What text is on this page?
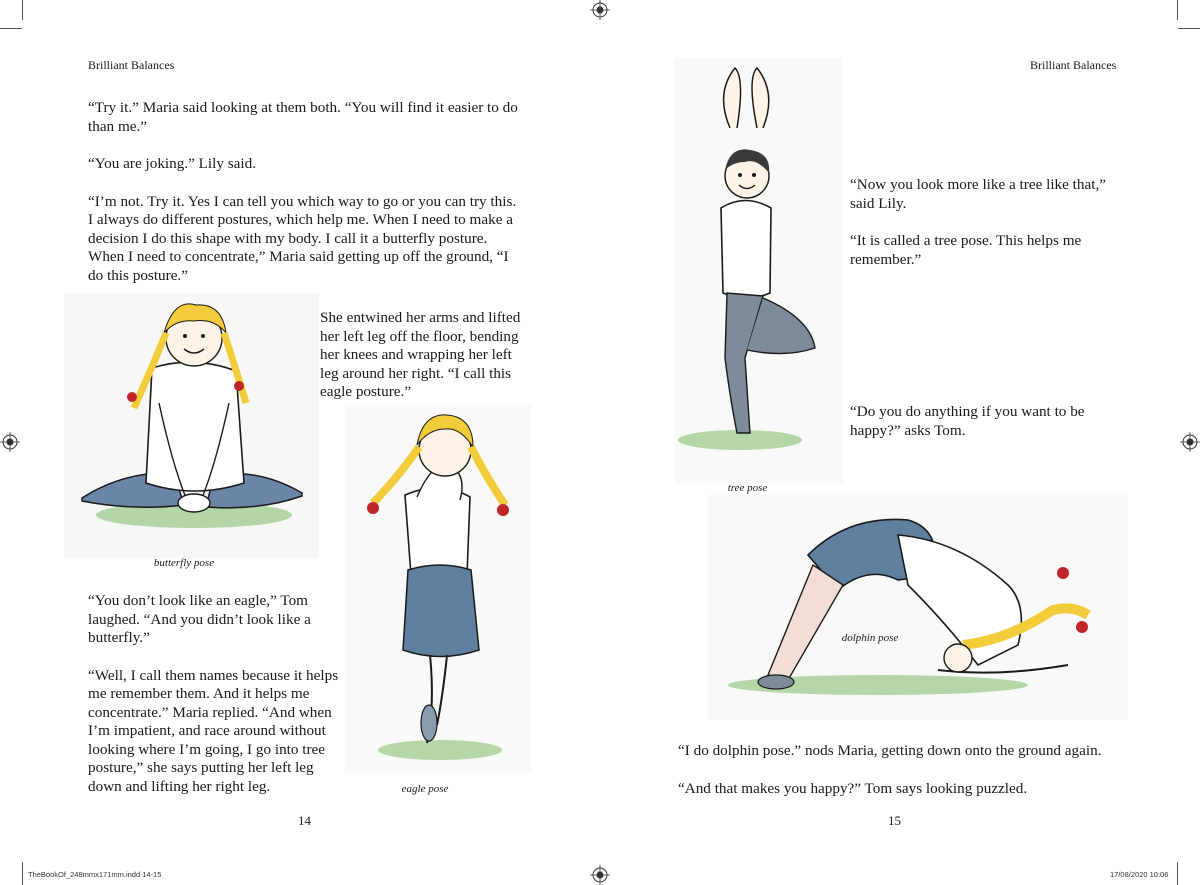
Brilliant Balances

“Try it.” Maria said looking at them both. “You will find it easier to do than me.”

“You are joking.” Lily said.

“I’m not. Try it. Yes I can tell you which way to go or you can try this. I always do different postures, which help me. When I need to make a decision I do this shape with my body. I call it a butterfly posture. When I need to concentrate,” Maria said getting up off the ground, “I do this posture.”

She entwined her arms and lifted her left leg off the floor, bending her knees and wrapping her left leg around her right. “I call this eagle posture.”

butterfly pose
eagle pose

“You don’t look like an eagle,” Tom laughed. “And you didn’t look like a butterfly.”

“Well, I call them names because it helps me remember them. And it helps me concentrate.” Maria replied. “And when I’m impatient, and race around without looking where I’m going, I go into tree posture,” she says putting her left leg down and lifting her right leg.

14
Brilliant Balances
tree pose

“Now you look more like a tree like that,” said Lily.

“It is called a tree pose. This helps me remember.”

“Do you do anything if you want to be happy?” asks Tom.

dolphin pose

“I do dolphin pose.” nods Maria, getting down onto the ground again.

“And that makes you happy?” Tom says looking puzzled.

15
TheBookOf_248mmx171mm.indd 14-15	17/08/2020 10:06
